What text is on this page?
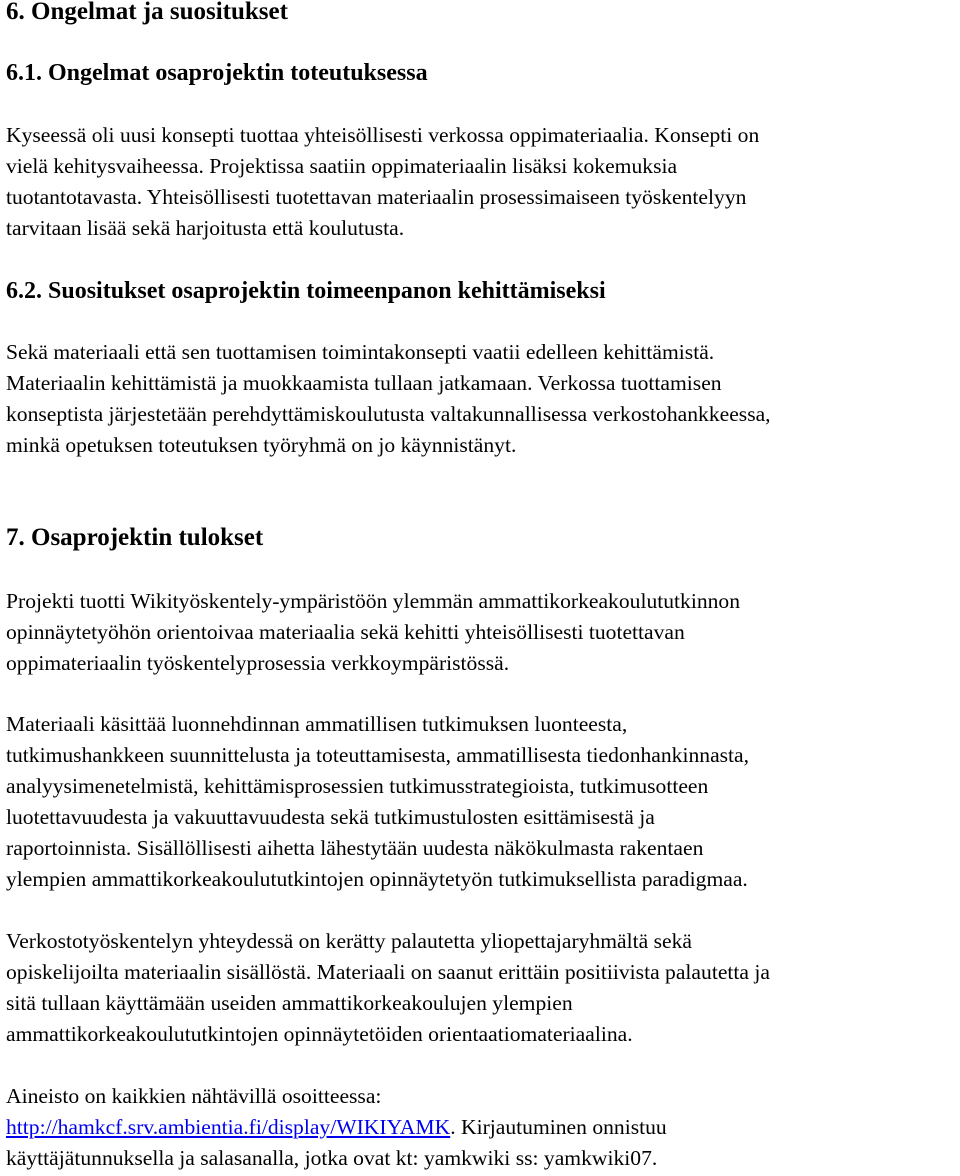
6. Ongelmat ja suositukset
6.1. Ongelmat osaprojektin toteutuksessa

Kyseessä oli uusi konsepti tuottaa yhteisöllisesti verkossa oppimateriaalia. Konsepti on
vielä kehitysvaiheessa. Projektissa saatiin oppimateriaalin lisäksi kokemuksia
tuotantotavasta. Yhteisöllisesti tuotettavan materiaalin prosessimaiseen työskentelyyn
tarvitaan lisää sekä harjoitusta että koulutusta.

6.2. Suositukset osaprojektin toimeenpanon kehittämiseksi

Sekä materiaali että sen tuottamisen toimintakonsepti vaatii edelleen kehittämistä.
Materiaalin kehittämistä ja muokkaamista tullaan jatkamaan. Verkossa tuottamisen
konseptista järjestetään perehdyttämiskoulutusta valtakunnallisessa verkostohankkeessa,
minkä opetuksen toteutuksen työryhmä on jo käynnistänyt.

7. Osaprojektin tulokset

Projekti tuotti Wikityöskentely-ympäristöön ylemmän ammattikorkeakoulututkinnon
opinnäytetyöhön orientoivaa materiaalia sekä kehitti yhteisöllisesti tuotettavan
oppimateriaalin työskentelyprosessia verkkoympäristössä.

Materiaali käsittää luonnehdinnan ammatillisen tutkimuksen luonteesta,
tutkimushankkeen suunnittelusta ja toteuttamisesta, ammatillisesta tiedonhankinnasta,
analyysimenetelmistä, kehittämisprosessien tutkimusstrategioista, tutkimusotteen
luotettavuudesta ja vakuuttavuudesta sekä tutkimustulosten esittämisestä ja
raportoinnista. Sisällöllisesti aihetta lähestytään uudesta näkökulmasta rakentaen
ylempien ammattikorkeakoulututkintojen opinnäytetyön tutkimuksellista paradigmaa.

Verkostotyöskentelyn yhteydessä on kerätty palautetta yliopettajaryhmältä sekä
opiskelijoilta materiaalin sisällöstä. Materiaali on saanut erittäin positiivista palautetta ja
sitä tullaan käyttämään useiden ammattikorkeakoulujen ylempien
ammattikorkeakoulututkintojen opinnäytetöiden orientaatiomateriaalina.

Aineisto on kaikkien nähtävillä osoitteessa:
http://hamkcf.srv.ambientia.fi/display/WIKIYAMK. Kirjautuminen onnistuu
käyttäjätunnuksella ja salasanalla, jotka ovat kt: yamkwiki ss: yamkwiki07.
